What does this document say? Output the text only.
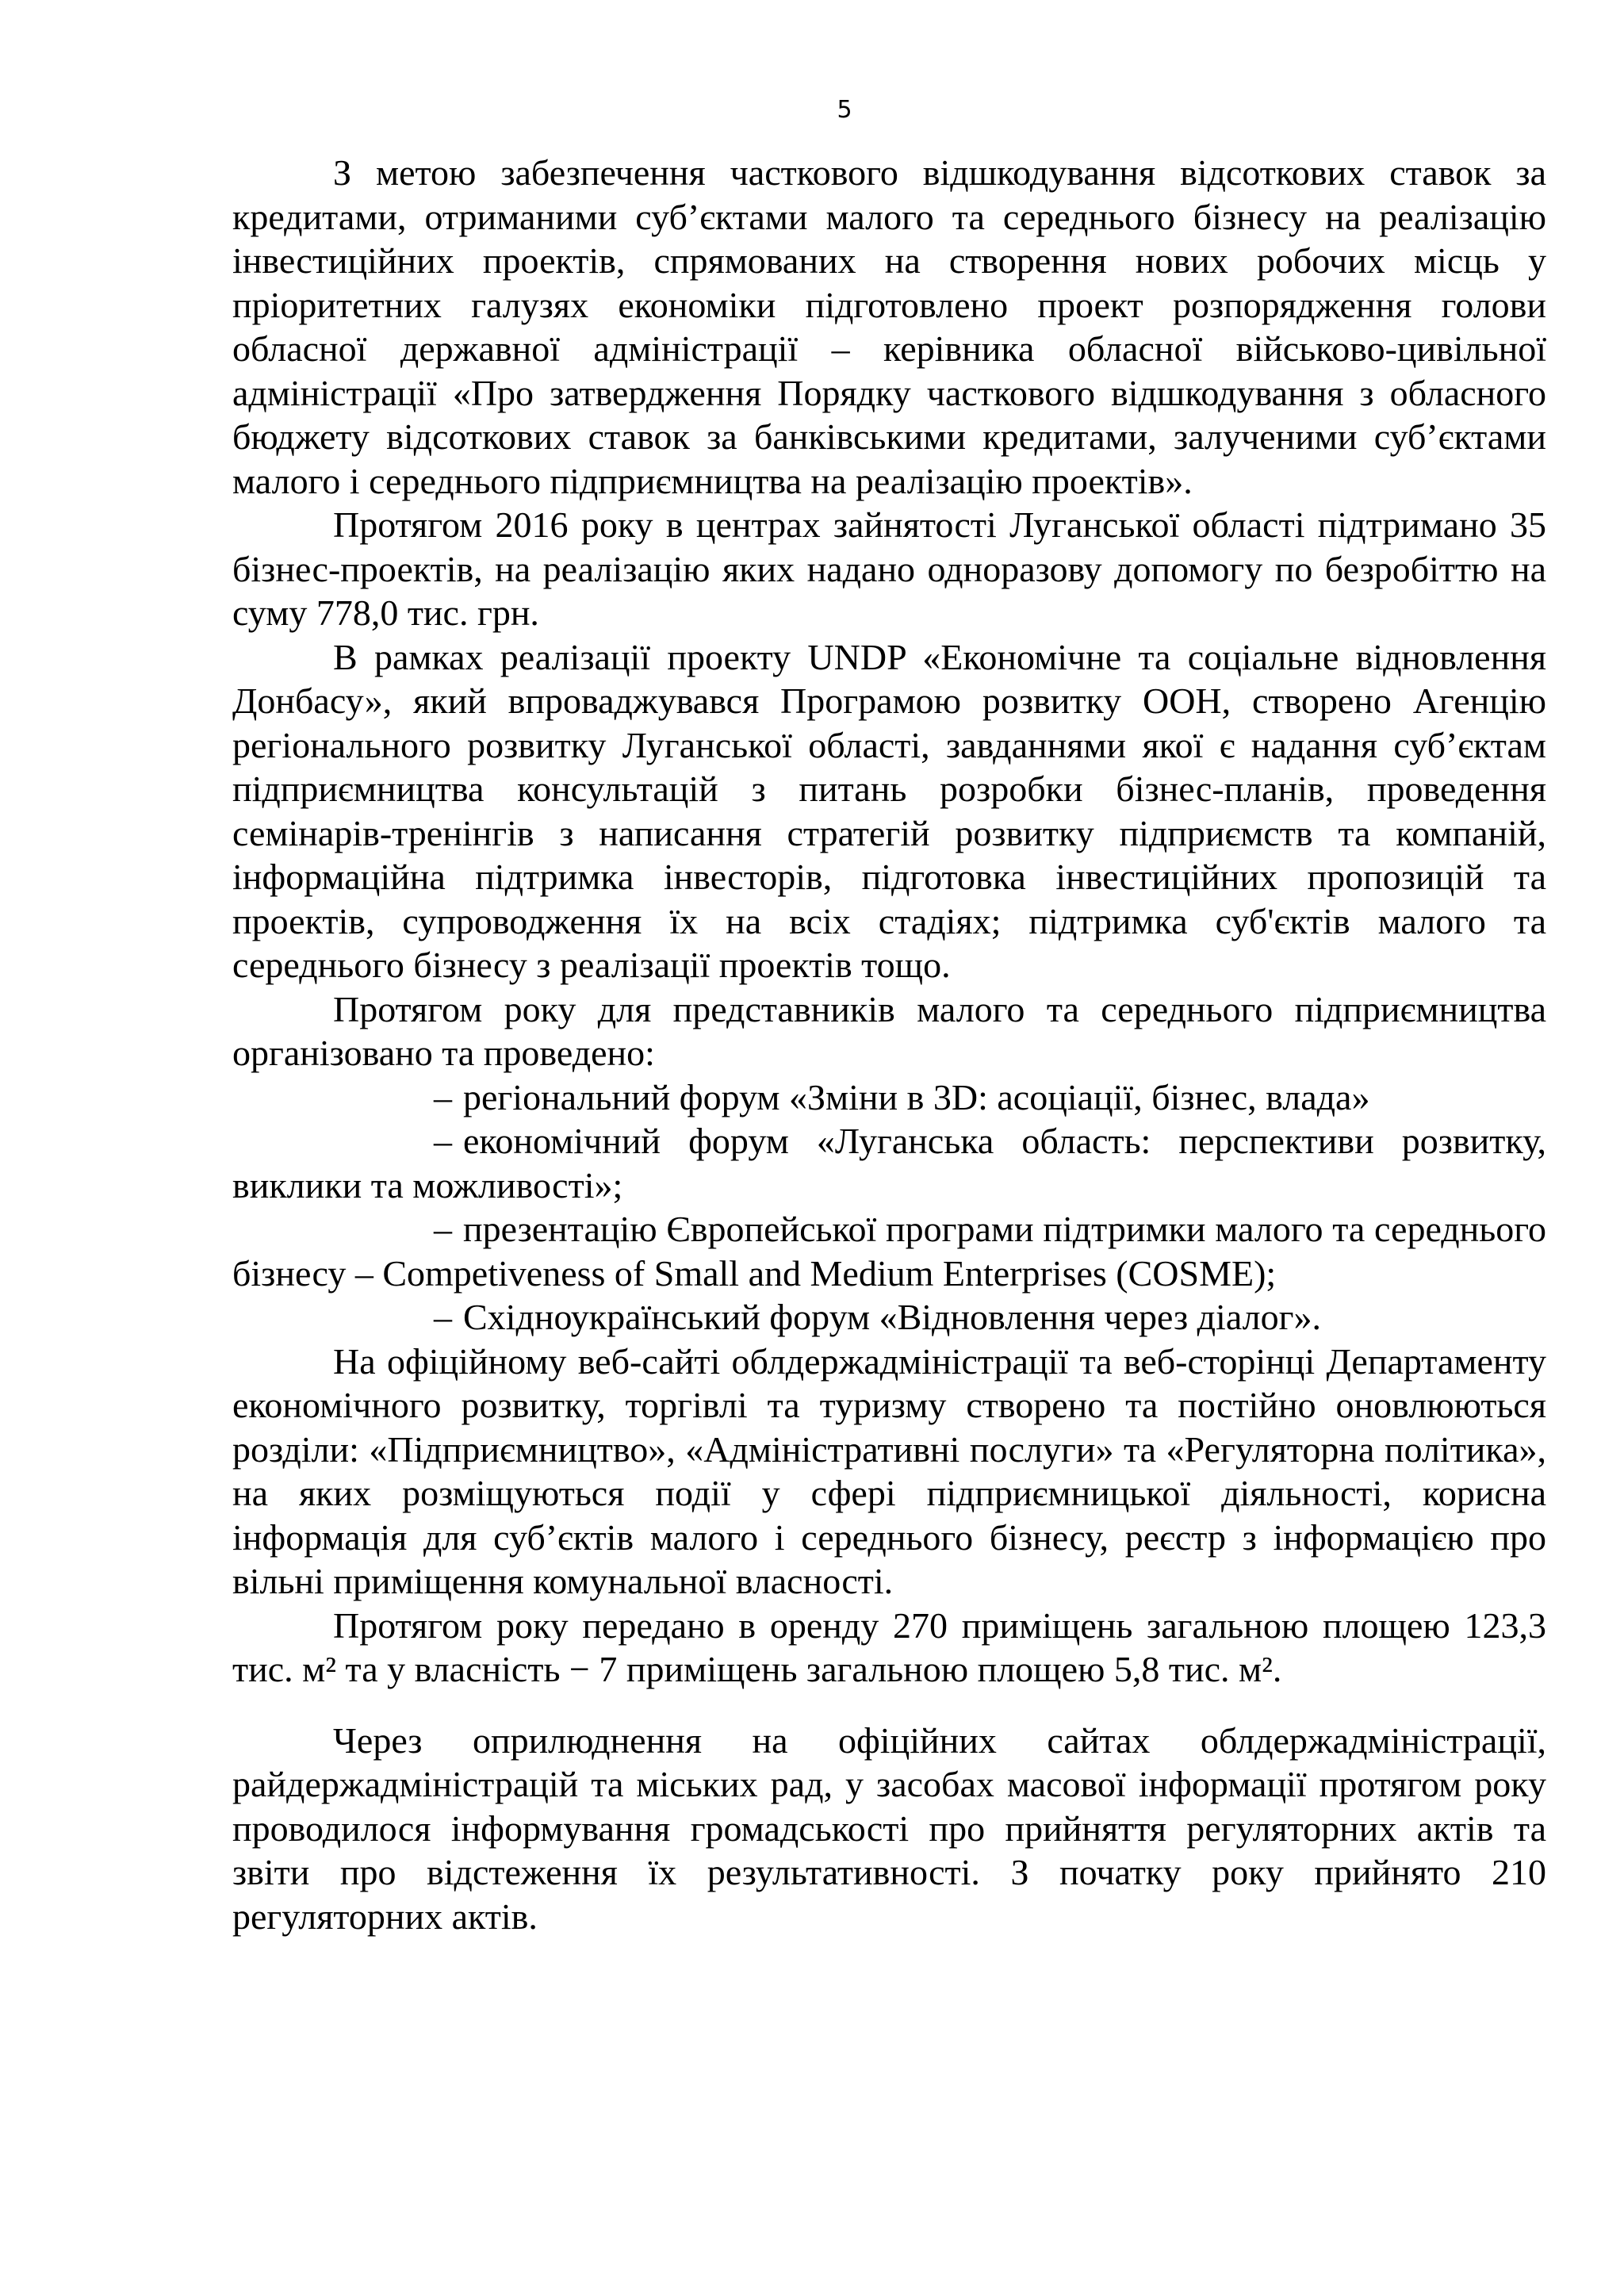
5

З метою забезпечення часткового відшкодування відсоткових ставок за кредитами, отриманими суб’єктами малого та середнього бізнесу на реалізацію інвестиційних проектів, спрямованих на створення нових робочих місць у пріоритетних галузях економіки підготовлено проект розпорядження голови обласної державної адміністрації – керівника обласної військово-цивільної адміністрації «Про затвердження Порядку часткового відшкодування з обласного бюджету відсоткових ставок за банківськими кредитами, залученими суб’єктами малого і середнього підприємництва на реалізацію проектів».

Протягом 2016 року в центрах зайнятості Луганської області підтримано 35 бізнес-проектів, на реалізацію яких надано одноразову допомогу по безробіттю на суму 778,0 тис. грн.

В рамках реалізації проекту UNDP «Економічне та соціальне відновлення Донбасу», який впроваджувався Програмою розвитку ООН, створено Агенцію регіонального розвитку Луганської області, завданнями якої є надання суб’єктам підприємництва консультацій з питань розробки бізнес-планів, проведення семінарів-тренінгів з написання стратегій розвитку підприємств та компаній, інформаційна підтримка інвесторів, підготовка інвестиційних пропозицій та проектів, супроводження їх на всіх стадіях; підтримка суб'єктів малого та середнього бізнесу з реалізації проектів тощо.

Протягом року для представників малого та середнього підприємництва організовано та проведено:

– регіональний форум «Зміни в 3D: асоціації, бізнес, влада»
– економічний форум «Луганська область: перспективи розвитку, виклики та можливості»;
– презентацію Європейської програми підтримки малого та середнього бізнесу – Competiveness of Small and Medium Enterprises (COSME);
– Східноукраїнський форум «Відновлення через діалог».

На офіційному веб-сайті облдержадміністрації та веб-сторінці Департаменту економічного розвитку, торгівлі та туризму створено та постійно оновлюються розділи: «Підприємництво», «Адміністративні послуги» та «Регуляторна політика», на яких розміщуються події у сфері підприємницької діяльності, корисна інформація для суб’єктів малого і середнього бізнесу, реєстр з інформацією про вільні приміщення комунальної власності.

Протягом року передано в оренду 270 приміщень загальною площею 123,3 тис. м² та у власність − 7 приміщень загальною площею 5,8 тис. м².

Через оприлюднення на офіційних сайтах облдержадміністрації, райдержадміністрацій та міських рад, у засобах масової інформації протягом року проводилося інформування громадськості про прийняття регуляторних актів та звіти про відстеження їх результативності. З початку року прийнято 210 регуляторних актів.
